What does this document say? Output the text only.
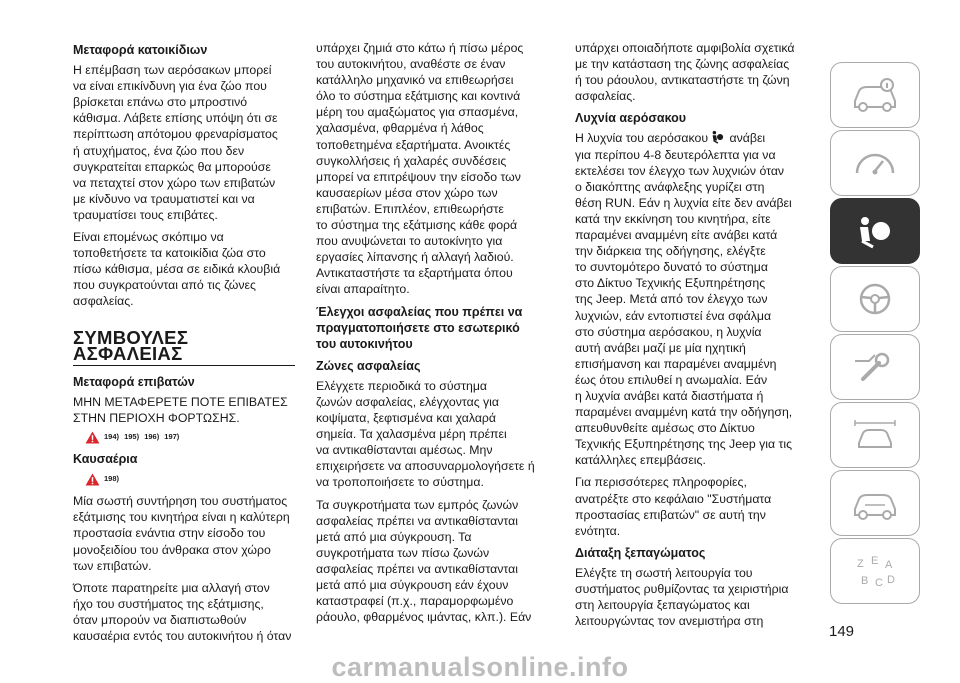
Μεταφορά κατοικίδιων

Η επέμβαση των αερόσακων μπορεί
να είναι επικίνδυνη για ένα ζώο που
βρίσκεται επάνω στο μπροστινό
κάθισμα. Λάβετε επίσης υπόψη ότι σε
περίπτωση απότομου φρεναρίσματος
ή ατυχήματος, ένα ζώο που δεν
συγκρατείται επαρκώς θα μπορούσε
να πεταχτεί στον χώρο των επιβατών
με κίνδυνο να τραυματιστεί και να
τραυματίσει τους επιβάτες.

Είναι επομένως σκόπιμο να
τοποθετήσετε τα κατοικίδια ζώα στο
πίσω κάθισμα, μέσα σε ειδικά κλουβιά
που συγκρατούνται από τις ζώνες
ασφαλείας.

ΣΥΜΒΟΥΛΕΣ ΑΣΦΑΛΕΙΑΣ
Μεταφορά επιβατών

ΜΗΝ ΜΕΤΑΦΕΡΕΤΕ ΠΟΤΕ ΕΠΙΒΑΤΕΣ
ΣΤΗΝ ΠΕΡΙΟΧΗ ΦΟΡΤΩΣΗΣ.

194) 195) 196) 197)
Καυσαέρια
198)

Μία σωστή συντήρηση του συστήματος
εξάτμισης του κινητήρα είναι η καλύτερη
προστασία ενάντια στην είσοδο του
μονοξειδίου του άνθρακα στον χώρο
των επιβατών.

Όποτε παρατηρείτε μια αλλαγή στον
ήχο του συστήματος της εξάτμισης,
όταν μπορούν να διαπιστωθούν
καυσαέρια εντός του αυτοκινήτου ή όταν

υπάρχει ζημιά στο κάτω ή πίσω μέρος
του αυτοκινήτου, αναθέστε σε έναν
κατάλληλο μηχανικό να επιθεωρήσει
όλο το σύστημα εξάτμισης και κοντινά
μέρη του αμαξώματος για σπασμένα,
χαλασμένα, φθαρμένα ή λάθος
τοποθετημένα εξαρτήματα. Ανοικτές
συγκολλήσεις ή χαλαρές συνδέσεις
μπορεί να επιτρέψουν την είσοδο των
καυσαερίων μέσα στον χώρο των
επιβατών. Επιπλέον, επιθεωρήστε
το σύστημα της εξάτμισης κάθε φορά
που ανυψώνεται το αυτοκίνητο για
εργασίες λίπανσης ή αλλαγή λαδιού.
Αντικαταστήστε τα εξαρτήματα όπου
είναι απαραίτητο.

Έλεγχοι ασφαλείας που πρέπει να
πραγματοποιήσετε στο εσωτερικό
του αυτοκινήτου
Ζώνες ασφαλείας

Ελέγχετε περιοδικά το σύστημα
ζωνών ασφαλείας, ελέγχοντας για
κοψίματα, ξεφτισμένα και χαλαρά
σημεία. Τα χαλασμένα μέρη πρέπει
να αντικαθίστανται αμέσως. Μην
επιχειρήσετε να αποσυναρμολογήσετε ή
να τροποποιήσετε το σύστημα.

Τα συγκροτήματα των εμπρός ζωνών
ασφαλείας πρέπει να αντικαθίστανται
μετά από μια σύγκρουση. Τα
συγκροτήματα των πίσω ζωνών
ασφαλείας πρέπει να αντικαθίστανται
μετά από μια σύγκρουση εάν έχουν
καταστραφεί (π.χ., παραμορφωμένο
ράουλο, φθαρμένος ιμάντας, κλπ.). Εάν

υπάρχει οποιαδήποτε αμφιβολία σχετικά
με την κατάσταση της ζώνης ασφαλείας
ή του ράουλου, αντικαταστήστε τη ζώνη
ασφαλείας.

Λυχνία αερόσακου

Η λυχνία του αερόσακου ανάβει
για περίπου 4-8 δευτερόλεπτα για να
εκτελέσει τον έλεγχο των λυχνιών όταν
ο διακόπτης ανάφλεξης γυρίζει στη
θέση RUN. Εάν η λυχνία είτε δεν ανάβει
κατά την εκκίνηση του κινητήρα, είτε
παραμένει αναμμένη είτε ανάβει κατά
την διάρκεια της οδήγησης, ελέγξτε
το συντομότερο δυνατό το σύστημα
στο Δίκτυο Τεχνικής Εξυπηρέτησης
της Jeep. Μετά από τον έλεγχο των
λυχνιών, εάν εντοπιστεί ένα σφάλμα
στο σύστημα αερόσακου, η λυχνία
αυτή ανάβει μαζί με μία ηχητική
επισήμανση και παραμένει αναμμένη
έως ότου επιλυθεί η ανωμαλία. Εάν
η λυχνία ανάβει κατά διαστήματα ή
παραμένει αναμμένη κατά την οδήγηση,
απευθυνθείτε αμέσως στο Δίκτυο
Τεχνικής Εξυπηρέτησης της Jeep για τις
κατάλληλες επεμβάσεις.

Για περισσότερες πληροφορίες,
ανατρέξτε στο κεφάλαιο "Συστήματα
προστασίας επιβατών" σε αυτή την
ενότητα.

Διάταξη ξεπαγώματος

Ελέγξτε τη σωστή λειτουργία του
συστήματος ρυθμίζοντας τα χειριστήρια
στη λειτουργία ξεπαγώματος και
λειτουργώντας τον ανεμιστήρα στη

Z E A
B C D
149
carmanualsonline.info
